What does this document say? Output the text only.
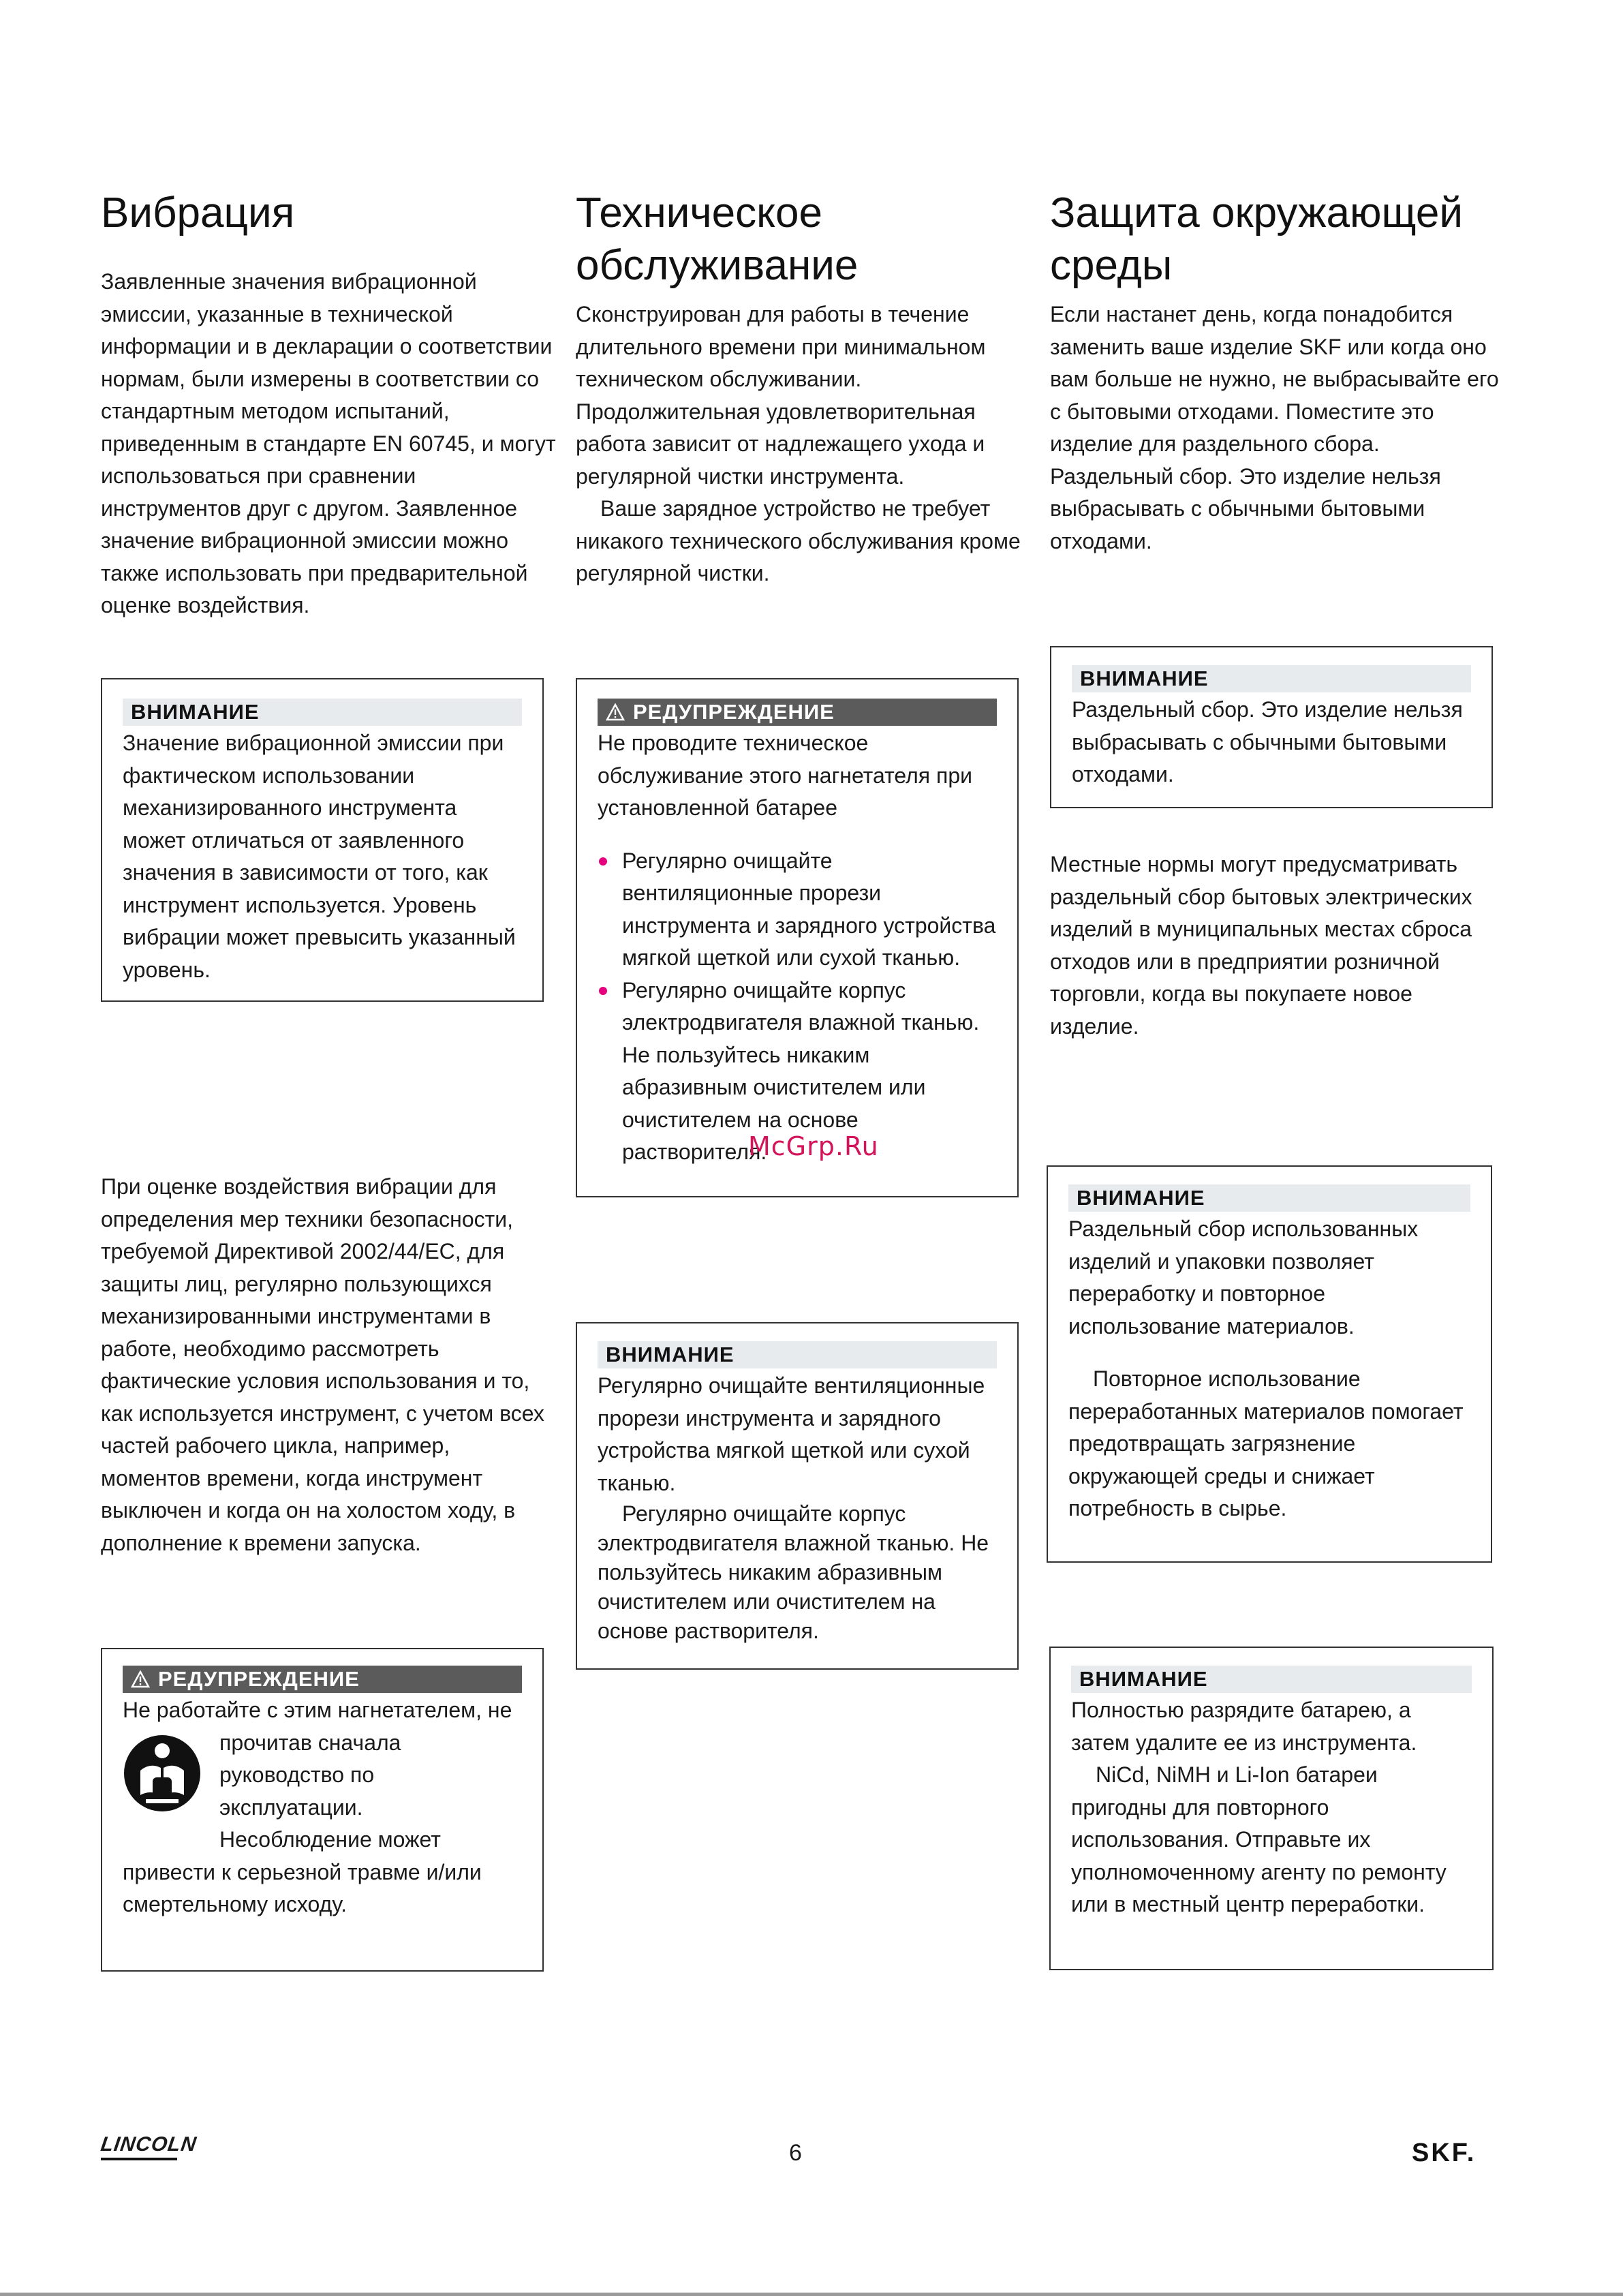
Вибрация

Заявленные значения вибрационной эмиссии, указанные в технической информации и в декларации о соответствии нормам, были измерены в соответствии со стандартным методом испытаний, приведенным в стандарте EN 60745, и могут использоваться при сравнении инструментов друг с другом. Заявленное значение вибрационной эмиссии можно также использовать при предварительной оценке воздействия.

ВНИМАНИЕ

Значение вибрационной эмиссии при фактическом использовании механизированного инструмента может отличаться от заявленного значения в зависимости от того, как инструмент используется. Уровень вибрации может превысить указанный уровень.

При оценке воздействия вибрации для определения мер техники безопасности, требуемой Директивой 2002/44/EC, для защиты лиц, регулярно пользующихся механизированными инструментами в работе, необходимо рассмотреть фактические условия использования и то, как используется инструмент, с учетом всех частей рабочего цикла, например, моментов времени, когда инструмент выключен и когда он на холостом ходу, в дополнение к времени запуска.

РЕДУПРЕЖДЕНИЕ

Не работайте с этим нагнетателем, не

прочитав сначала руководство по эксплуатации.

Несоблюдение может

привести к серьезной травме и/или смертельному исходу.

Техническое
обслуживание

Сконструирован для работы в течение длительного времени при минимальном техническом обслуживании. Продолжительная удовлетворительная работа зависит от надлежащего ухода и регулярной чистки инструмента.

Ваше зарядное устройство не требует никакого технического обслуживания кроме регулярной чистки.

РЕДУПРЕЖДЕНИЕ

Не проводите техническое обслуживание этого нагнетателя при установленной батарее

Регулярно очищайте вентиляционные прорези инструмента и зарядного устройства мягкой щеткой или сухой тканью.
Регулярно очищайте корпус электродвигателя влажной тканью. Не пользуйтесь никаким абразивным очистителем или очистителем на основе растворителя.
ВНИМАНИЕ

Регулярно очищайте вентиляционные прорези инструмента и зарядного устройства мягкой щеткой или сухой тканью.

Регулярно очищайте корпус электродвигателя влажной тканью. Не пользуйтесь никаким абразивным очистителем или очистителем на основе растворителя.

Защита окружающей
среды

Если настанет день, когда понадобится заменить ваше изделие SKF или когда оно вам больше не нужно, не выбрасывайте его с бытовыми отходами. Поместите это изделие для раздельного сбора. Раздельный сбор. Это изделие нельзя выбрасывать с обычными бытовыми отходами.

ВНИМАНИЕ

Раздельный сбор. Это изделие нельзя выбрасывать с обычными бытовыми отходами.

Местные нормы могут предусматривать раздельный сбор бытовых электрических изделий в муниципальных местах сброса отходов или в предприятии розничной торговли, когда вы покупаете новое изделие.

ВНИМАНИЕ

Раздельный сбор использованных изделий и упаковки позволяет переработку и повторное использование материалов.

Повторное использование переработанных материалов помогает предотвращать загрязнение окружающей среды и снижает потребность в сырье.

ВНИМАНИЕ

Полностью разрядите батарею, а затем удалите ее из инструмента.

NiCd, NiMH и Li-Ion батареи пригодны для повторного использования. Отправьте их уполномоченному агенту по ремонту или в местный центр переработки.

McGrp.Ru
LINCOLN	6	SKF.
